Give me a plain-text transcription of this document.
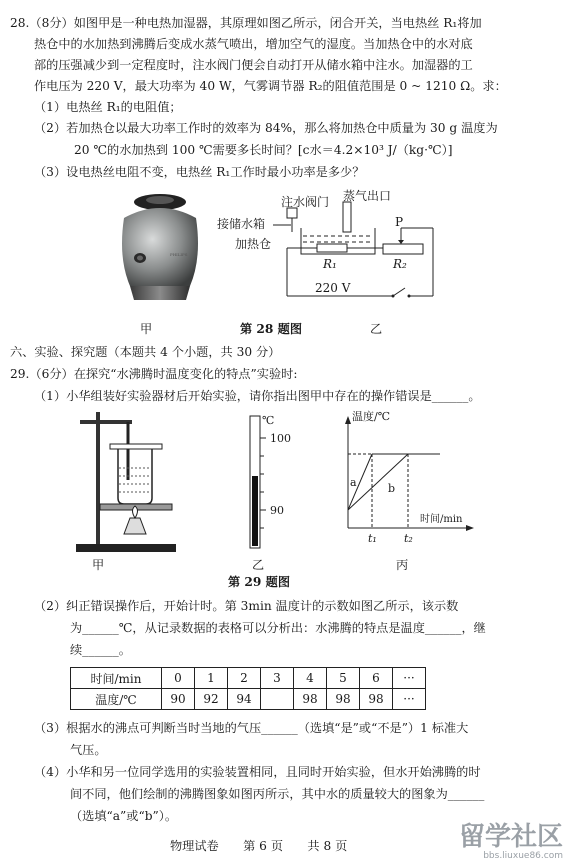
28.（8分）如图甲是一种电热加湿器，其原理如图乙所示，闭合开关，当电热丝 R₁将加
热仓中的水加热到沸腾后变成水蒸气喷出，增加空气的湿度。当加热仓中的水对底
部的压强减少到一定程度时，注水阀门便会自动打开从储水箱中注水。加湿器的工
作电压为 220 V，最大功率为 40 W，气雾调节器 R₂的阻值范围是 0 ~ 1210 Ω。求：
（1）电热丝 R₁的电阻值；
（2）若加热仓以最大功率工作时的效率为 84%，那么将加热仓中质量为 30 g 温度为
20 ℃的水加热到 100 ℃需要多长时间？[c水＝4.2×10³ J/（kg·℃）]
（3）设电热丝电阻不变，电热丝 R₁工作时最小功率是多少？
PHILIPS
注水阀门 蒸气出口
接储水箱
加热仓
P
R₁	R₂
220 V
甲	第 28 题图	乙
六、实验、探究题（本题共 4 个小题，共 30 分）
29.（6分）在探究“水沸腾时温度变化的特点”实验时:
（1）小华组装好实验器材后开始实验，请你指出图甲中存在的操作错误是______。
℃
100
90
温度/℃
时间/min
a	b
t₁ t₂
甲	乙	丙
第 29 题图
（2）纠正错误操作后，开始计时。第 3min 温度计的示数如图乙所示，该示数
为______℃，从记录数据的表格可以分析出：水沸腾的特点是温度______，继
续______。
时间/min	0	1	2	3	4	5	6	···
温度/℃	90	92	94		98	98	98	···
（3）根据水的沸点可判断当时当地的气压______（选填“是”或“不是”）1 标准大
气压。
（4）小华和另一位同学选用的实验装置相同，且同时开始实验，但水开始沸腾的时
间不同，他们绘制的沸腾图象如图丙所示，其中水的质量较大的图象为______
（选填“a”或“b”）。
物理试卷　　第 6 页　　共 8 页	留学社区
bbs.liuxue86.com
